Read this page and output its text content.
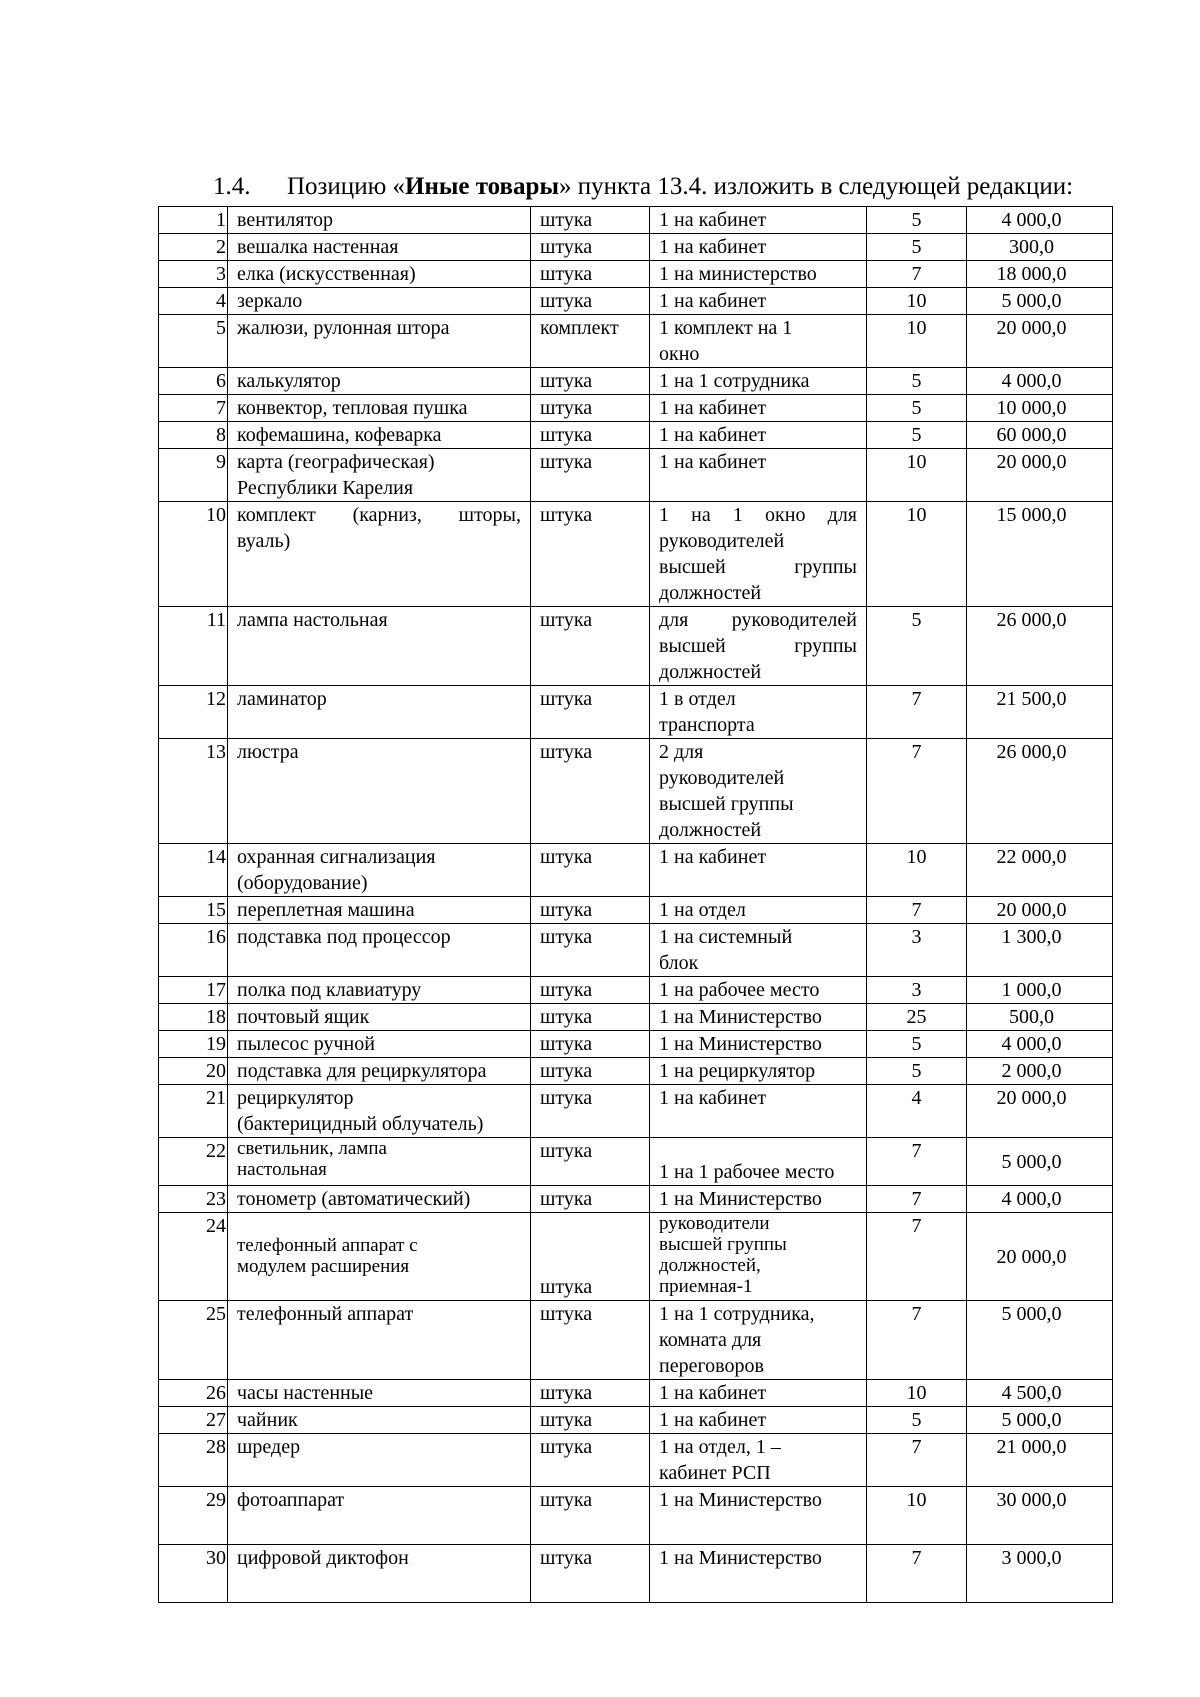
1.4. Позицию «Иные товары» пункта 13.4. изложить в следующей редакции:
1	вентилятор	штука	1 на кабинет	5	4 000,0
2	вешалка настенная	штука	1 на кабинет	5	300,0
3	елка (искусственная)	штука	1 на министерство	7	18 000,0
4	зеркало	штука	1 на кабинет	10	5 000,0
5	жалюзи, рулонная штора	комплект	1 комплект на 1
окно	10	20 000,0
6	калькулятор	штука	1 на 1 сотрудника	5	4 000,0
7	конвектор, тепловая пушка	штука	1 на кабинет	5	10 000,0
8	кофемашина, кофеварка	штука	1 на кабинет	5	60 000,0
9	карта (географическая)
Республики Карелия	штука	1 на кабинет	10	20 000,0
10	комплект (карниз, шторы,
вуаль)	штука	1 на 1 окно для
руководителей
высшей группы
должностей	10	15 000,0
11	лампа настольная	штука	для руководителей
высшей группы
должностей	5	26 000,0
12	ламинатор	штука	1 в отдел
транспорта	7	21 500,0
13	люстра	штука	2 для
руководителей
высшей группы
должностей	7	26 000,0
14	охранная сигнализация
(оборудование)	штука	1 на кабинет	10	22 000,0
15	переплетная машина	штука	1 на отдел	7	20 000,0
16	подставка под процессор	штука	1 на системный
блок	3	1 300,0
17	полка под клавиатуру	штука	1 на рабочее место	3	1 000,0
18	почтовый ящик	штука	1 на Министерство	25	500,0
19	пылесос ручной	штука	1 на Министерство	5	4 000,0
20	подставка для рециркулятора	штука	1 на рециркулятор	5	2 000,0
21	рециркулятор
(бактерицидный облучатель)	штука	1 на кабинет	4	20 000,0
22	светильник, лампа
настольная	штука	1 на 1 рабочее место	7	5 000,0
23	тонометр (автоматический)	штука	1 на Министерство	7	4 000,0
24	телефонный аппарат с
модулем расширения	штука	руководители
высшей группы
должностей,
приемная-1	7	20 000,0
25	телефонный аппарат	штука	1 на 1 сотрудника,
комната для
переговоров	7	5 000,0
26	часы настенные	штука	1 на кабинет	10	4 500,0
27	чайник	штука	1 на кабинет	5	5 000,0
28	шредер	штука	1 на отдел, 1 –
кабинет РСП	7	21 000,0
29	фотоаппарат	штука	1 на Министерство	10	30 000,0
30	цифровой диктофон	штука	1 на Министерство	7	3 000,0
